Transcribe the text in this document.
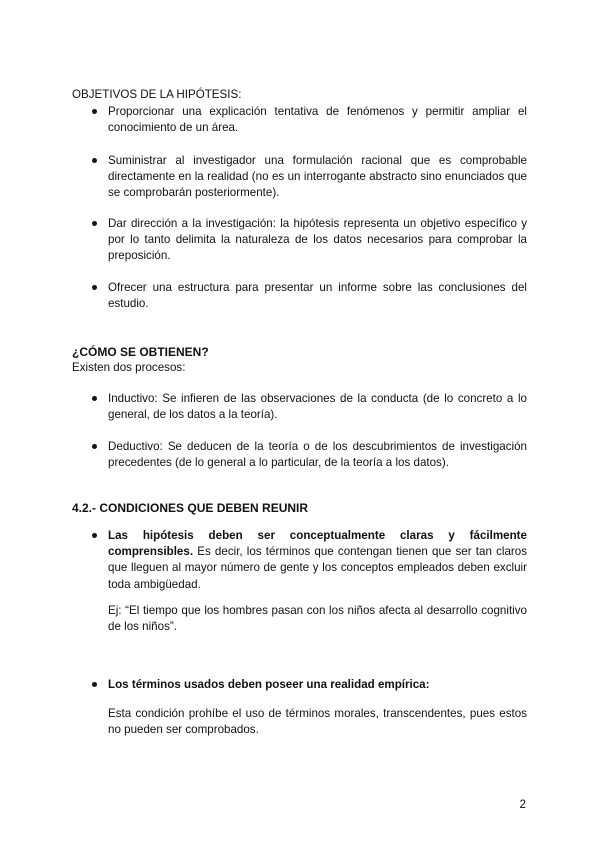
OBJETIVOS DE LA HIPÓTESIS:
Proporcionar una explicación tentativa de fenómenos y permitir ampliar el conocimiento de un área.
Suministrar al investigador una formulación racional que es comprobable directamente en la realidad (no es un interrogante abstracto sino enunciados que se comprobarán posteriormente).
Dar dirección a la investigación: la hipótesis representa un objetivo específico y por lo tanto delimita la naturaleza de los datos necesarios para comprobar la preposición.
Ofrecer una estructura para presentar un informe sobre las conclusiones del estudio.
¿CÓMO SE OBTIENEN?
Existen dos procesos:
Inductivo: Se infieren de las observaciones de la conducta (de lo concreto a lo general, de los datos a la teoría).
Deductivo: Se deducen de la teoría o de los descubrimientos de investigación precedentes (de lo general a lo particular, de la teoría a los datos).
4.2.- CONDICIONES QUE DEBEN REUNIR
Las hipótesis deben ser conceptualmente claras y fácilmente comprensibles. Es decir, los términos que contengan tienen que ser tan claros que lleguen al mayor número de gente y los conceptos empleados deben excluir toda ambigüedad.
Ej: “El tiempo que los hombres pasan con los niños afecta al desarrollo cognitivo de los niños”.
Los términos usados deben poseer una realidad empírica:
Esta condición prohíbe el uso de términos morales, transcendentes, pues estos no pueden ser comprobados.
2
